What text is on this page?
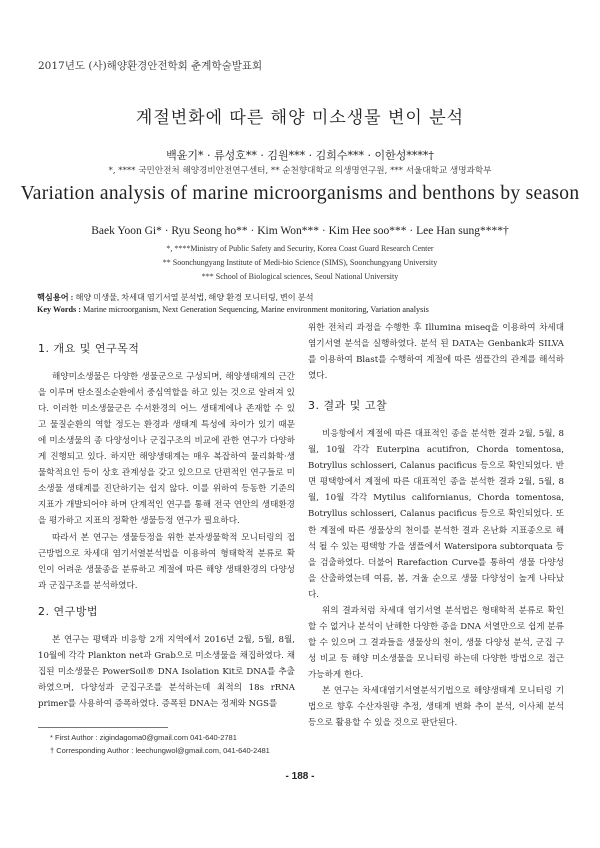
2017년도 (사)해양환경안전학회 춘계학술발표회
계절변화에 따른 해양 미소생물 변이 분석
백윤기* · 류성호** · 김원*** · 김희수*** · 이한성****†
*, **** 국민안전처 해양경비안전연구센터, ** 순천향대학교 의생명연구원, *** 서울대학교 생명과학부
Variation analysis of marine microorganisms and benthons by season
Baek Yoon Gi* · Ryu Seong ho** · Kim Won*** · Kim Hee soo*** · Lee Han sung****†
*, ****Ministry of Public Safety and Security, Korea Coast Guard Research Center
** Soonchungyang Institute of Medi-bio Science (SIMS), Soonchungyang University
*** School of Biological sciences, Seoul National University
핵심용어 : 해양 미생물, 차세대 염기서열 분석법, 해양 환경 모니터링, 변이 분석
Key Words : Marine microorganism, Next Generation Sequencing, Marine environment monitoring, Variation analysis
1. 개요 및 연구목적

해양미소생물은 다양한 생물군으로 구성되며, 해양생태계의 근간을 이루며 탄소질소순환에서 중심역할을 하고 있는 것으로 알려져 있다. 이러한 미소생물군은 수서환경의 어느 생태계에나 존재할 수 있고 물질순환의 역할 정도는 환경과 생태계 특성에 차이가 있기 때문에 미소생물의 종 다양성이나 군집구조의 비교에 관한 연구가 다양하게 진행되고 있다. 하지만 해양생태계는 매우 복잡하여 물리화학·생물학적요인 등이 상호 관계성을 갖고 있으므로 단편적인 연구들로 미소생물 생태계를 진단하기는 쉽지 않다. 이를 위하여 등동한 기준의 지표가 개발되어야 하며 단계적인 연구를 통해 전국 연안의 생태환경을 평가하고 지표의 정확한 생물등정 연구가 필요하다.

따라서 본 연구는 생물등정을 위한 분자생물학적 모니터링의 접근방법으로 차세대 염기서열분석법을 이용하여 형태학적 분류로 확인이 어려운 생물종을 분류하고 계절에 따른 해양 생태환경의 다양성과 군집구조를 분석하였다.

2. 연구방법

본 연구는 평택과 비응항 2개 지역에서 2016년 2월, 5월, 8월, 10월에 각각 Plankton net과 Grab으로 미소생물을 채집하였다. 채집된 미소생물은 PowerSoil® DNA Isolation Kit로 DNA를 추출하였으며, 다양성과 군집구조를 분석하는데 최적의 18s rRNA primer를 사용하여 증폭하였다. 증폭된 DNA는 정제와 NGS를

위한 전처리 과정을 수행한 후 Illumina miseq을 이용하여 차세대 염기서열 분석을 실행하였다. 분석 된 DATA는 Genbank과 SILVA를 이용하여 Blast를 수행하여 계절에 따른 샘플간의 관계를 해석하였다.

3. 결과 및 고찰

비응항에서 계절에 따른 대표적인 종을 분석한 결과 2월, 5월, 8월, 10월 각각 Euterpina acutifron, Chorda tomentosa, Botryllus schlosseri, Calanus pacificus 등으로 확인되었다. 반면 평택항에서 계절에 따른 대표적인 종을 분석한 결과 2월, 5월, 8월, 10월 각각 Mytilus californianus, Chorda tomentosa, Botryllus schlosseri, Calanus pacificus 등으로 확인되었다. 또한 계절에 따른 생물상의 천이를 분석한 결과 온난화 지표종으로 해석 될 수 있는 평택항 가을 샘플에서 Watersipora subtorquata 등을 검출하였다. 더불어 Rarefaction Curve를 통하여 생물 다양성을 산출하였는데 여름, 봄, 겨울 순으로 생물 다양성이 높게 나타났다.

위의 결과처럼 차세대 염기서열 분석법은 형태학적 분류로 확인할 수 없거나 분석이 난해한 다양한 종을 DNA 서열만으로 쉽게 분류 할 수 있으며 그 결과들을 생물상의 천이, 생물 다양성 분석, 군집 구성 비교 등 해양 미소생물을 모니터링 하는데 다양한 방법으로 접근 가능하게 한다.

본 연구는 차세대염기서열분석기법으로 해양생태계 모니터링 기법으로 향후 수산자원량 추정, 생태계 변화 추이 분석, 이사체 분석 등으로 활용할 수 있을 것으로 판단된다.

* First Author : zigindagoma0@gmail.com 041-640-2781
† Corresponding Author : leechungwol@gmail.com, 041-640-2481
- 188 -
